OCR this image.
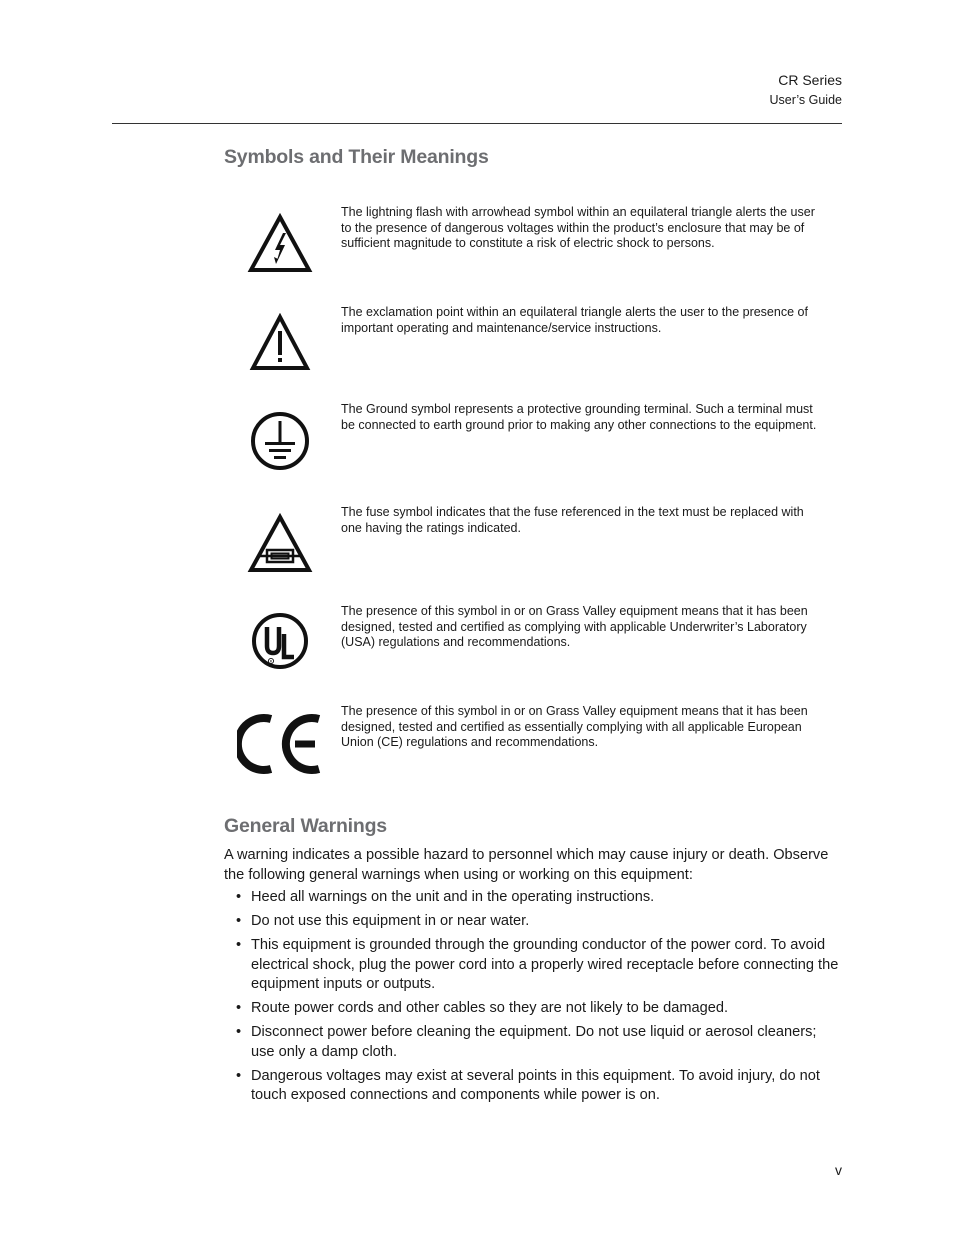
CR Series
User’s Guide
Symbols and Their Meanings

The lightning flash with arrowhead symbol within an equilateral triangle alerts the user to the presence of dangerous voltages within the product’s enclosure that may be of sufficient magnitude to constitute a risk of electric shock to persons.

The exclamation point within an equilateral triangle alerts the user to the presence of important operating and maintenance/service instructions.

The Ground symbol represents a protective grounding terminal. Such a terminal must be connected to earth ground prior to making any other connections to the equipment.

The fuse symbol indicates that the fuse referenced in the text must be replaced with one having the ratings indicated.

R

The presence of this symbol in or on Grass Valley equipment means that it has been designed, tested and certified as complying with applicable Underwriter’s Laboratory (USA) regulations and recommendations.

The presence of this symbol in or on Grass Valley equipment means that it has been designed, tested and certified as essentially complying with all applicable European Union (CE) regulations and recommendations.

General Warnings

A warning indicates a possible hazard to personnel which may cause injury or death. Observe the following general warnings when using or working on this equipment:

• Heed all warnings on the unit and in the operating instructions.
• Do not use this equipment in or near water.
• This equipment is grounded through the grounding conductor of the power cord. To avoid electrical shock, plug the power cord into a properly wired receptacle before connecting the equipment inputs or outputs.
• Route power cords and other cables so they are not likely to be damaged.
• Disconnect power before cleaning the equipment. Do not use liquid or aerosol cleaners; use only a damp cloth.
• Dangerous voltages may exist at several points in this equipment. To avoid injury, do not touch exposed connections and components while power is on.
v
